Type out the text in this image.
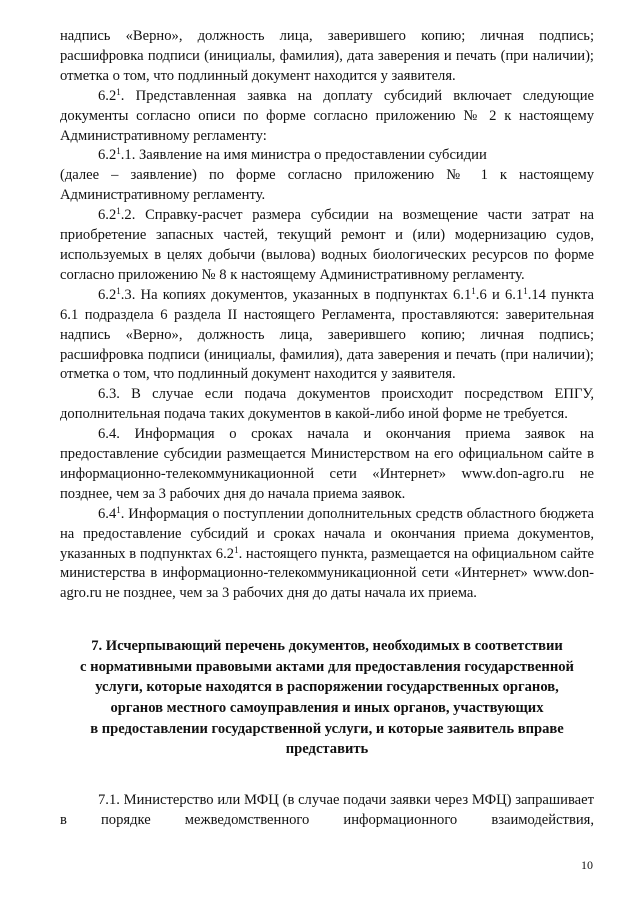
надпись «Верно», должность лица, заверившего копию; личная подпись; расшифровка подписи (инициалы, фамилия), дата заверения и печать (при наличии); отметка о том, что подлинный документ находится у заявителя.

$6.2^1$. Представленная заявка на доплату субсидий включает следующие документы согласно описи по форме согласно приложению № 2 к настоящему Административному регламенту:

$6.2^1.1$. Заявление на имя министра о предоставлении субсидии

(далее – заявление) по форме согласно приложению № 1 к настоящему Административному регламенту.

$6.2^1.2$. Справку-расчет размера субсидии на возмещение части затрат на приобретение запасных частей, текущий ремонт и (или) модернизацию судов, используемых в целях добычи (вылова) водных биологических ресурсов по форме согласно приложению № 8 к настоящему Административному регламенту.

$6.2^1.3$. На копиях документов, указанных в подпунктах $6.1^1.6$ и $6.1^1.14$ пункта 6.1 подраздела 6 раздела II настоящего Регламента, проставляются: заверительная надпись «Верно», должность лица, заверившего копию; личная подпись; расшифровка подписи (инициалы, фамилия), дата заверения и печать (при наличии); отметка о том, что подлинный документ находится у заявителя.

6.3. В случае если подача документов происходит посредством ЕПГУ, дополнительная подача таких документов в какой-либо иной форме не требуется.

6.4. Информация о сроках начала и окончания приема заявок на предоставление субсидии размещается Министерством на его официальном сайте в информационно-телекоммуникационной сети «Интернет» www.don-agro.ru не позднее, чем за 3 рабочих дня до начала приема заявок.

$6.4^1$. Информация о поступлении дополнительных средств областного бюджета на предоставление субсидий и сроках начала и окончания приема документов, указанных в подпунктах $6.2^1$. настоящего пункта, размещается на официальном сайте министерства в информационно-телекоммуникационной сети «Интернет» www.don-agro.ru не позднее, чем за 3 рабочих дня до даты начала их приема.

7. Исчерпывающий перечень документов, необходимых в соответствии

с нормативными правовыми актами для предоставления государственной

услуги, которые находятся в распоряжении государственных органов,

органов местного самоуправления и иных органов, участвующих

в предоставлении государственной услуги, и которые заявитель вправе

представить

7.1. Министерство или МФЦ (в случае подачи заявки через МФЦ) запрашивает в порядке межведомственного информационного взаимодействия,

10
